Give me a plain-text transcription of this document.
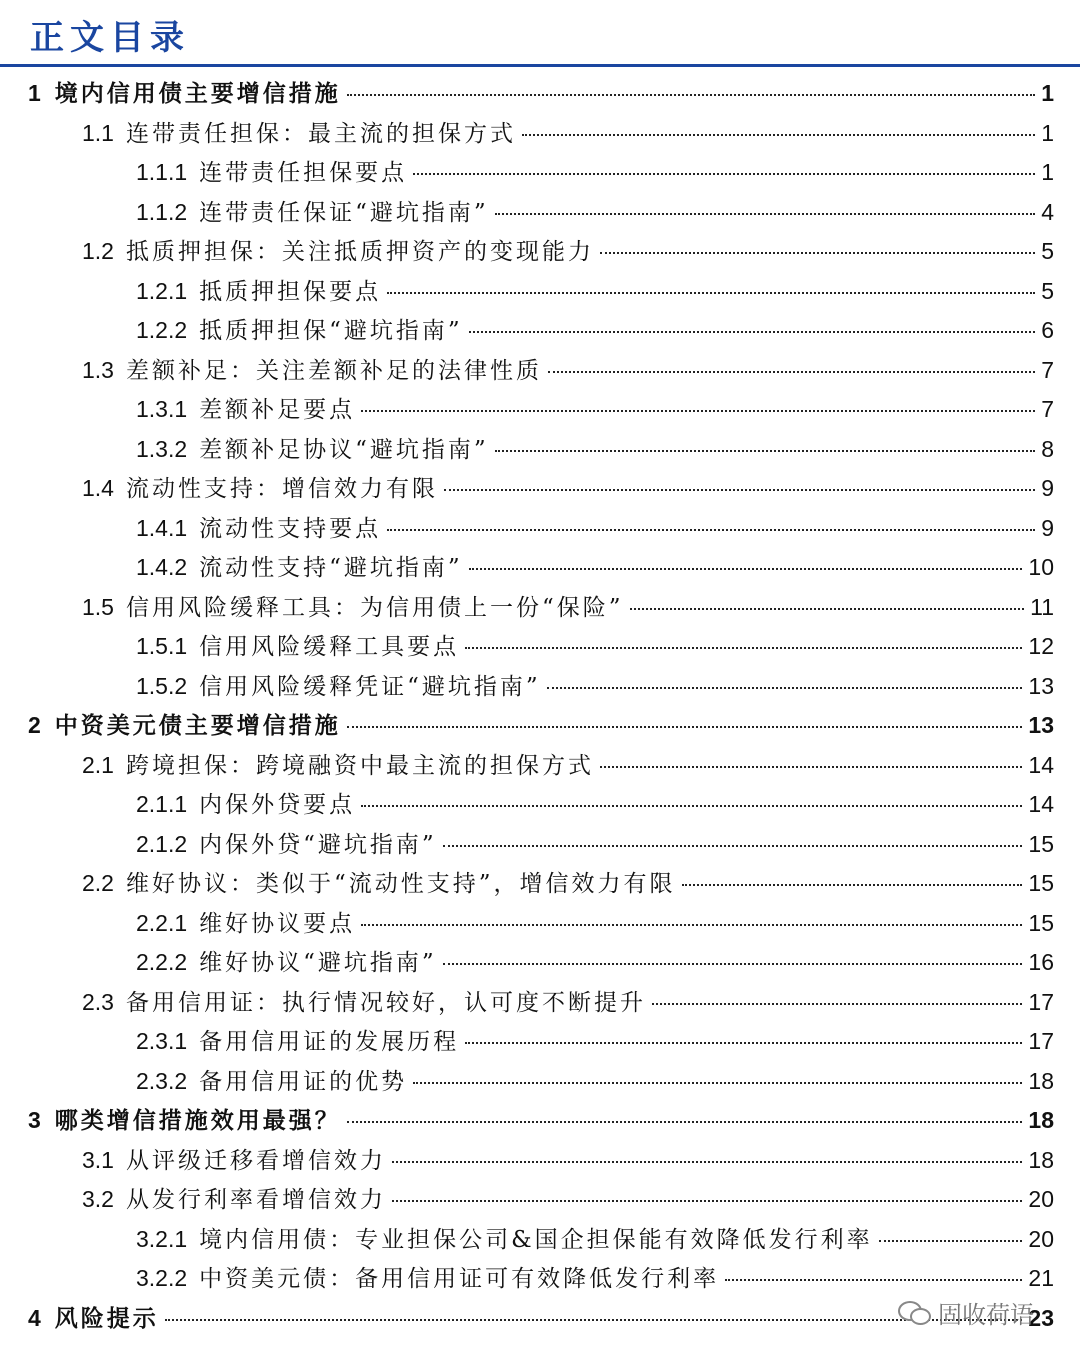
正文目录
1 境内信用债主要增信措施	1
1.1 连带责任担保：最主流的担保方式	1
1.1.1 连带责任担保要点	1
1.1.2 连带责任保证“避坑指南”	4
1.2 抵质押担保：关注抵质押资产的变现能力	5
1.2.1 抵质押担保要点	5
1.2.2 抵质押担保“避坑指南”	6
1.3 差额补足：关注差额补足的法律性质	7
1.3.1 差额补足要点	7
1.3.2 差额补足协议“避坑指南”	8
1.4 流动性支持：增信效力有限	9
1.4.1 流动性支持要点	9
1.4.2 流动性支持“避坑指南”	10
1.5 信用风险缓释工具：为信用债上一份“保险”	11
1.5.1 信用风险缓释工具要点	12
1.5.2 信用风险缓释凭证“避坑指南”	13
2 中资美元债主要增信措施	13
2.1 跨境担保：跨境融资中最主流的担保方式	14
2.1.1 内保外贷要点	14
2.1.2 内保外贷“避坑指南”	15
2.2 维好协议：类似于“流动性支持”，增信效力有限	15
2.2.1 维好协议要点	15
2.2.2 维好协议“避坑指南”	16
2.3 备用信用证：执行情况较好，认可度不断提升	17
2.3.1 备用信用证的发展历程	17
2.3.2 备用信用证的优势	18
3 哪类增信措施效用最强？	18
3.1 从评级迁移看增信效力	18
3.2 从发行利率看增信效力	20
3.2.1 境内信用债：专业担保公司&国企担保能有效降低发行利率	20
3.2.2 中资美元债：备用信用证可有效降低发行利率	21
4 风险提示	23
固收荷语
